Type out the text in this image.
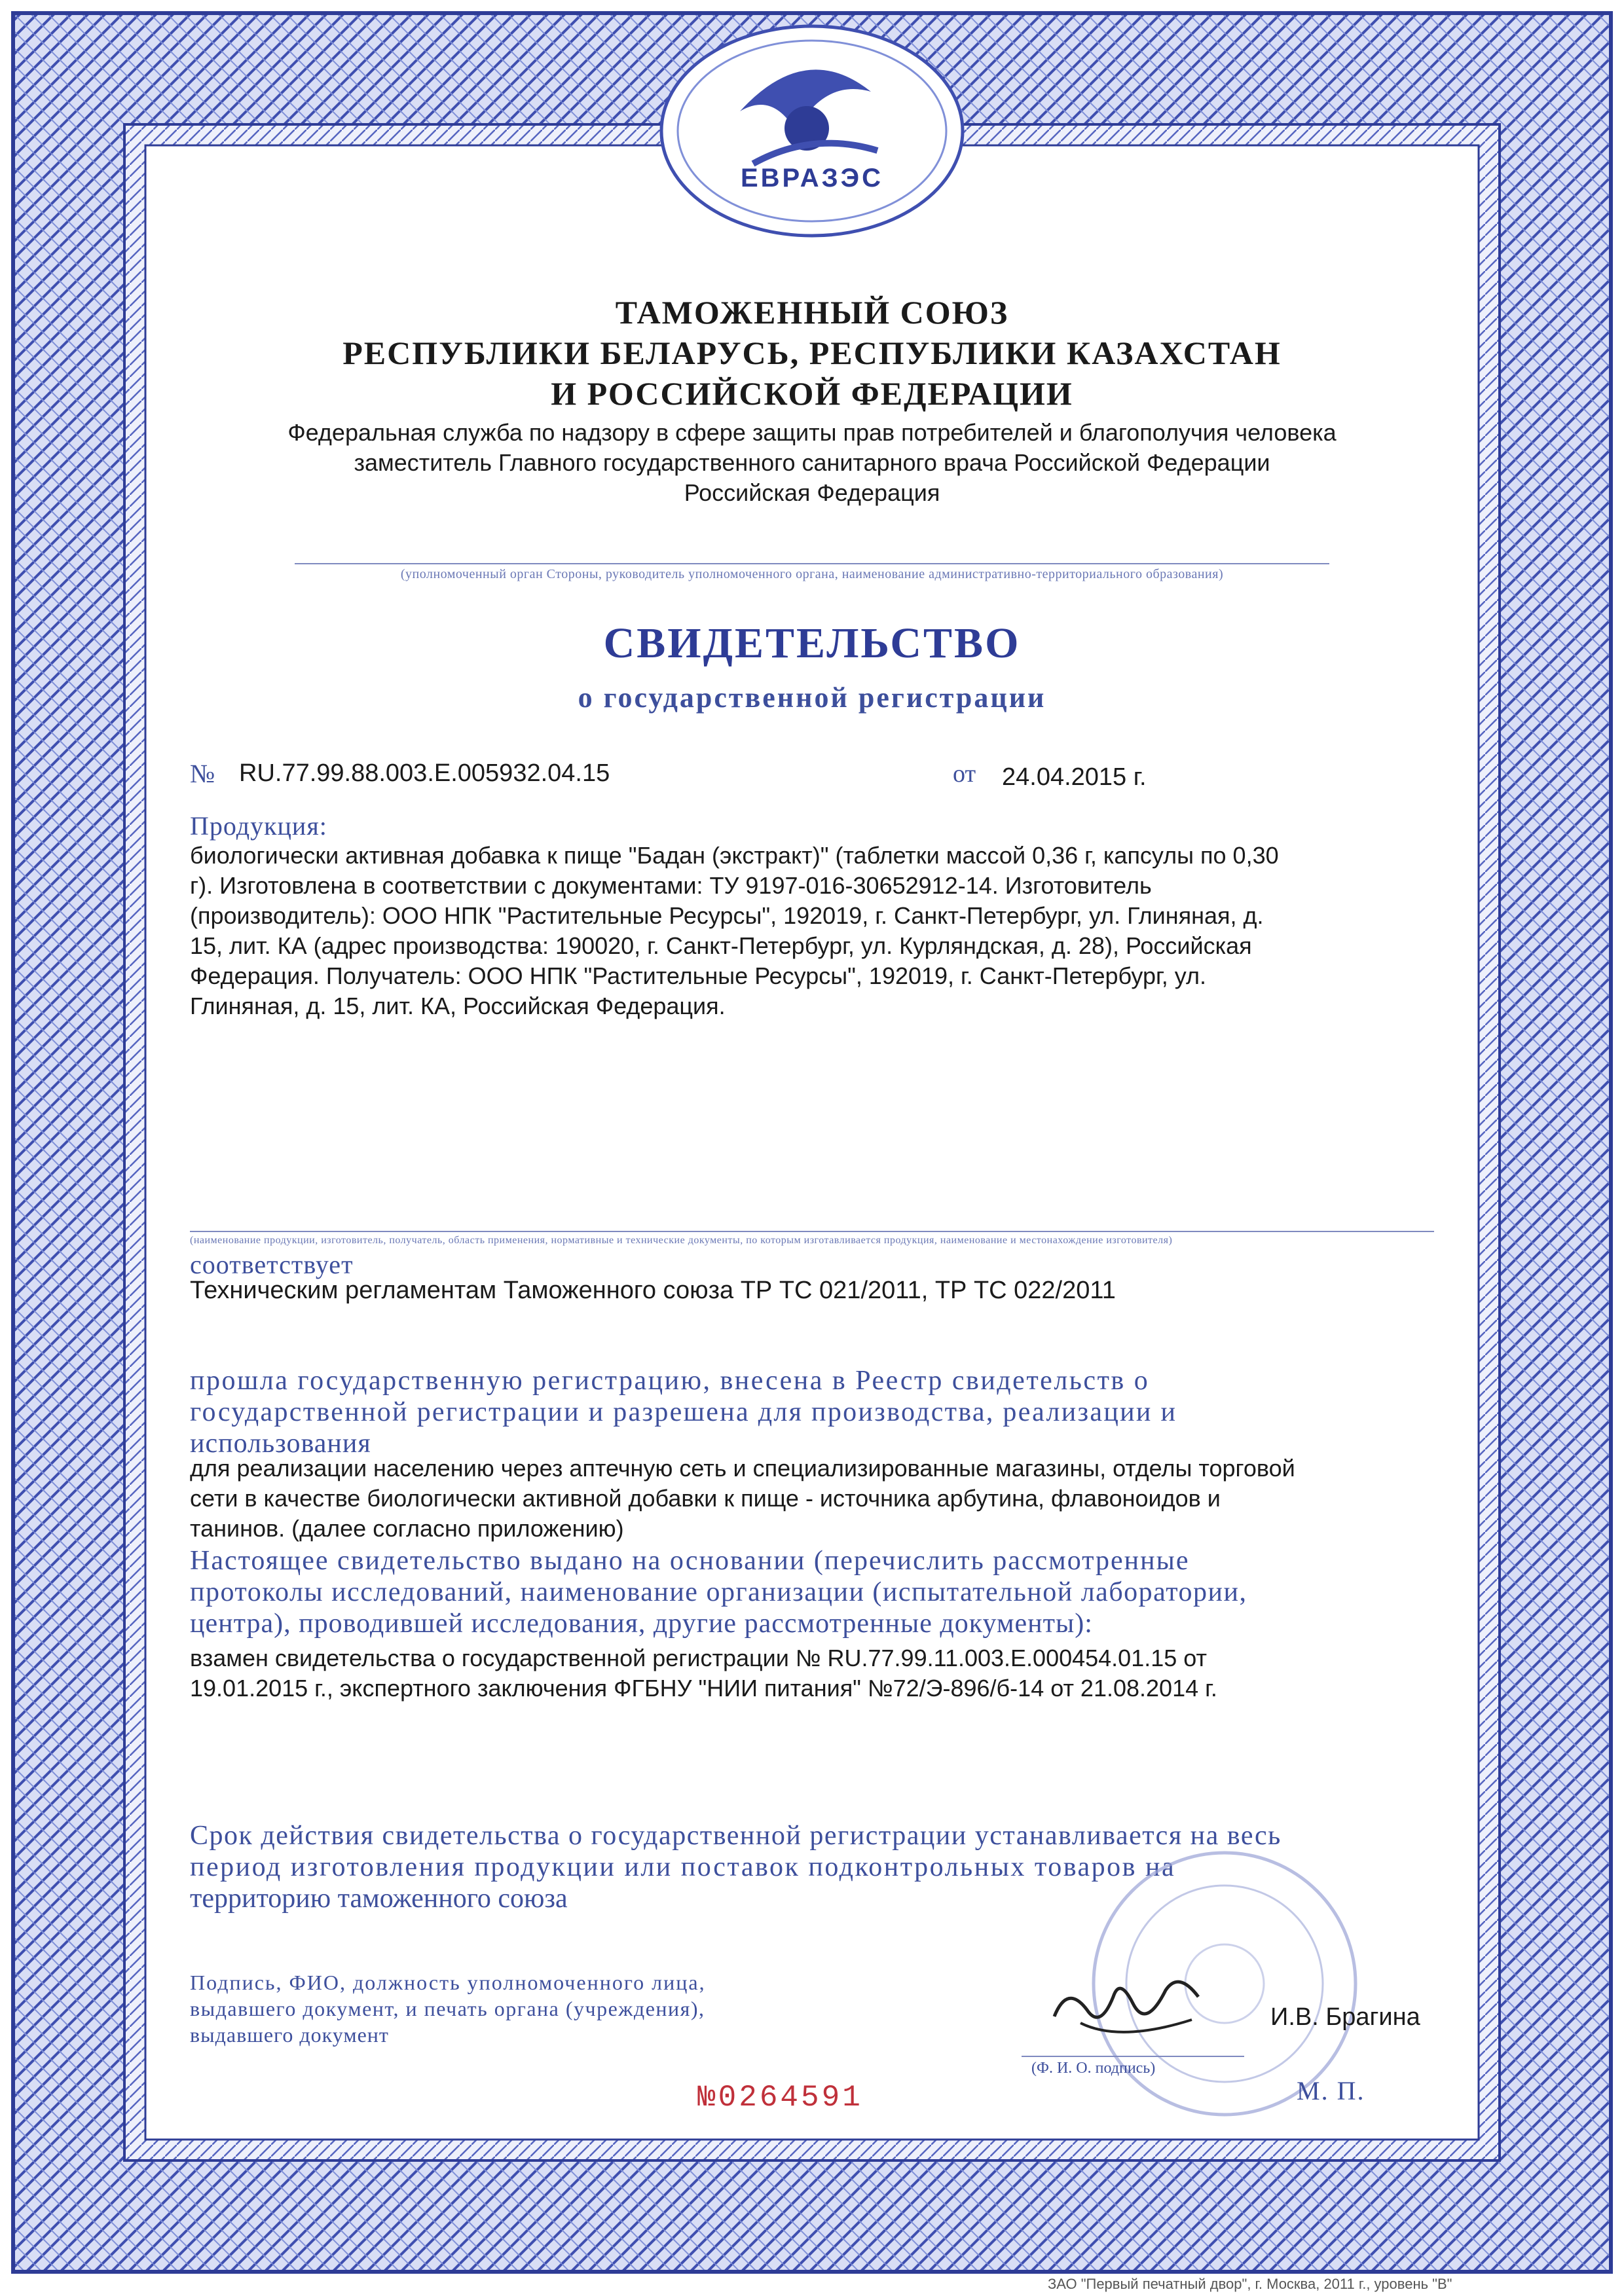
ЕВРАЗЭС
ТАМОЖЕННЫЙ СОЮЗ
РЕСПУБЛИКИ БЕЛАРУСЬ, РЕСПУБЛИКИ КАЗАХСТАН
И РОССИЙСКОЙ ФЕДЕРАЦИИ
Федеральная служба по надзору в сфере защиты прав потребителей и благополучия человека
заместитель Главного государственного санитарного врача Российской Федерации
Российская Федерация
(уполномоченный орган Стороны, руководитель уполномоченного органа, наименование административно-территориального образования)
СВИДЕТЕЛЬСТВО
о государственной регистрации
№ RU.77.99.88.003.E.005932.04.15	от 24.04.2015 г.
Продукция:
биологически активная добавка к пище "Бадан (экстракт)" (таблетки массой 0,36 г, капсулы по 0,30
г). Изготовлена в соответствии с документами: ТУ 9197-016-30652912-14. Изготовитель
(производитель): ООО НПК "Растительные Ресурсы", 192019, г. Санкт-Петербург, ул. Глиняная, д.
15, лит. КА (адрес производства: 190020, г. Санкт-Петербург, ул. Курляндская, д. 28), Российская
Федерация. Получатель: ООО НПК "Растительные Ресурсы", 192019, г. Санкт-Петербург, ул.
Глиняная, д. 15, лит. КА, Российская Федерация.
(наименование продукции, изготовитель, получатель, область применения, нормативные и технические документы, по которым изготавливается продукция, наименование и местонахождение изготовителя)
соответствует
Техническим регламентам Таможенного союза ТР ТС 021/2011, ТР ТС 022/2011
прошла государственную регистрацию, внесена в Реестр свидетельств о
государственной регистрации и разрешена для производства, реализации и
использования
для реализации населению через аптечную сеть и специализированные магазины, отделы торговой
сети в качестве биологически активной добавки к пище - источника арбутина, флавоноидов и
танинов. (далее согласно приложению)
Настоящее свидетельство выдано на основании (перечислить рассмотренные
протоколы исследований, наименование организации (испытательной лаборатории,
центра), проводившей исследования, другие рассмотренные документы):
взамен свидетельства о государственной регистрации № RU.77.99.11.003.E.000454.01.15 от
19.01.2015 г., экспертного заключения ФГБНУ "НИИ питания" №72/Э-896/б-14 от 21.08.2014 г.
Срок действия свидетельства о государственной регистрации устанавливается на весь
период изготовления продукции или поставок подконтрольных товаров на
территорию таможенного союза
Подпись, ФИО, должность уполномоченного лица,
выдавшего документ, и печать органа (учреждения),
выдавшего документ
И.В. Брагина
(Ф. И. О. подпись)
М. П.
№0264591
ЗАО "Первый печатный двор", г. Москва, 2011 г., уровень "В"
